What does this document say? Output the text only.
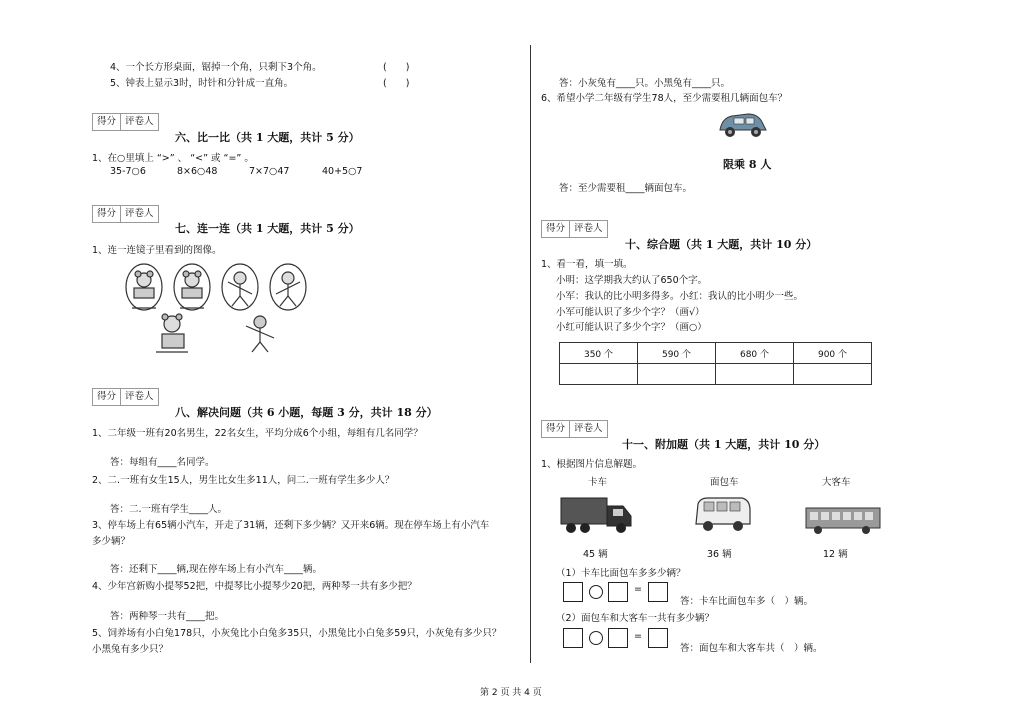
4、一个长方形桌面，锯掉一个角，只剩下3个角。	(　　)
5、钟表上显示3时，时针和分针成一直角。	(　　)
得分 评卷人
六、比一比（共 1 大题，共计 5 分）
1、在○里填上 “>” 、 “<” 或 “=” 。
35-7○6	8×6○48	7×7○47	40+5○7
得分 评卷人
七、连一连（共 1 大题，共计 5 分）
1、连一连镜子里看到的图像。
得分 评卷人
八、解决问题（共 6 小题，每题 3 分，共计 18 分）
1、二年级一班有20名男生，22名女生，平均分成6个小组，每组有几名同学？
答：每组有____名同学。
2、二.一班有女生15人，男生比女生多11人，问二.一班有学生多少人？
答：二.一班有学生____人。
3、停车场上有65辆小汽车，开走了31辆，还剩下多少辆？又开来6辆。现在停车场上有小汽车
多少辆？
答：还剩下____辆,现在停车场上有小汽车____辆。
4、少年宫新购小提琴52把，中提琴比小提琴少20把，两种琴一共有多少把？
答：两种琴一共有____把。
5、饲养场有小白兔178只，小灰兔比小白兔多35只，小黑兔比小白兔多59只，小灰兔有多少只？
小黑兔有多少只？
答：小灰兔有____只。小黑兔有____只。
6、希望小学二年级有学生78人，至少需要租几辆面包车？
限乘 8 人
答：至少需要租____辆面包车。
得分 评卷人
十、综合题（共 1 大题，共计 10 分）
1、看一看，填一填。
小明：这学期我大约认了650个字。
小军：我认的比小明多得多。小红：我认的比小明少一些。
小军可能认识了多少个字？（画√）
小红可能认识了多少个字？（画○）
350 个	590 个	680 个	900 个

得分 评卷人
十一、附加题（共 1 大题，共计 10 分）
1、根据图片信息解题。
卡车	面包车	大客车
45 辆	36 辆	12 辆
（1）卡车比面包车多多少辆？
=
答：卡车比面包车多（　）辆。
（2）面包车和大客车一共有多少辆？
=
答：面包车和大客车共（　）辆。
第 2 页 共 4 页
